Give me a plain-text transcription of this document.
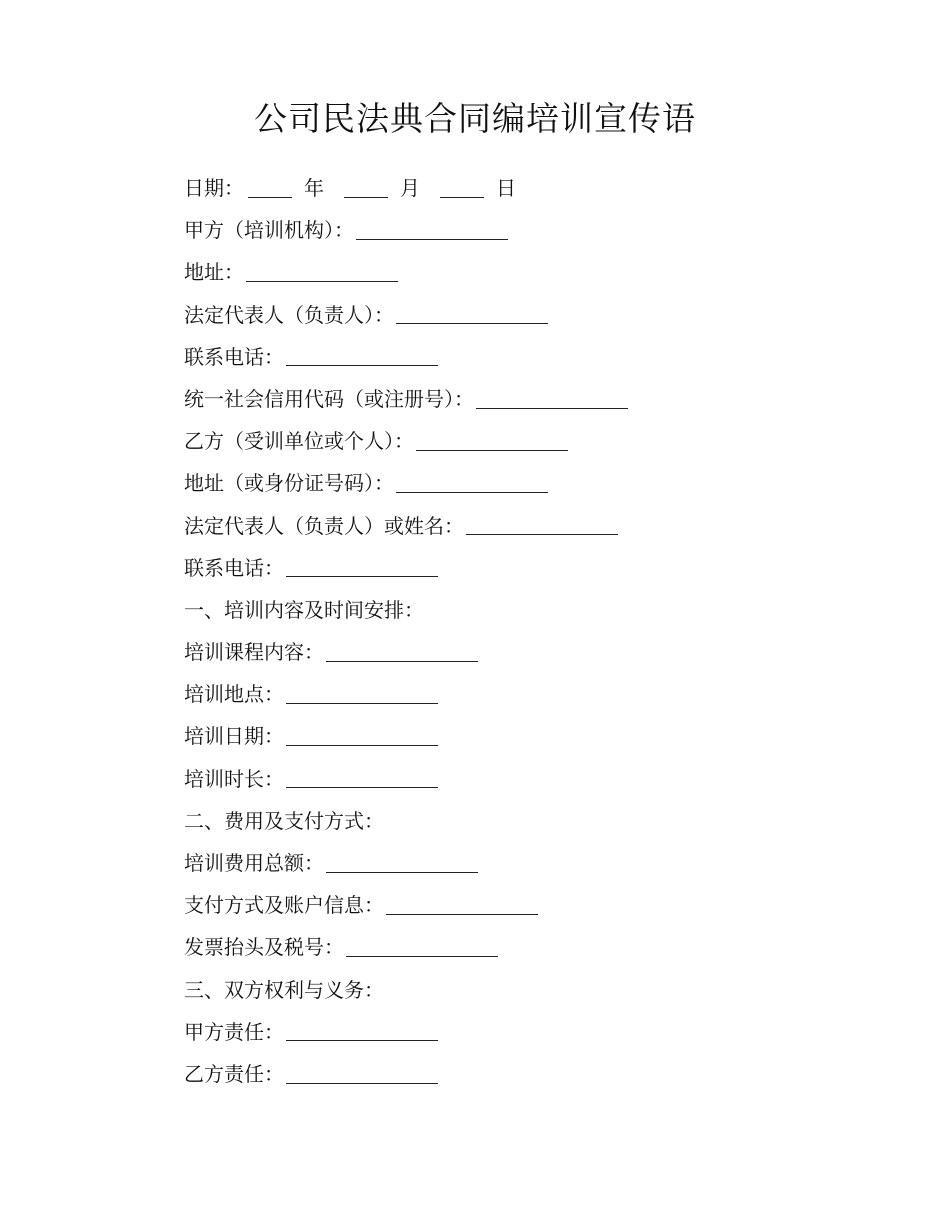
公司民法典合同编培训宣传语
日期：	年	月	日
甲方（培训机构）：
地址：
法定代表人（负责人）：
联系电话：
统一社会信用代码（或注册号）：
乙方（受训单位或个人）：
地址（或身份证号码）：
法定代表人（负责人）或姓名：
联系电话：
一、培训内容及时间安排：
培训课程内容：
培训地点：
培训日期：
培训时长：
二、费用及支付方式：
培训费用总额：
支付方式及账户信息：
发票抬头及税号：
三、双方权利与义务：
甲方责任：
乙方责任：
